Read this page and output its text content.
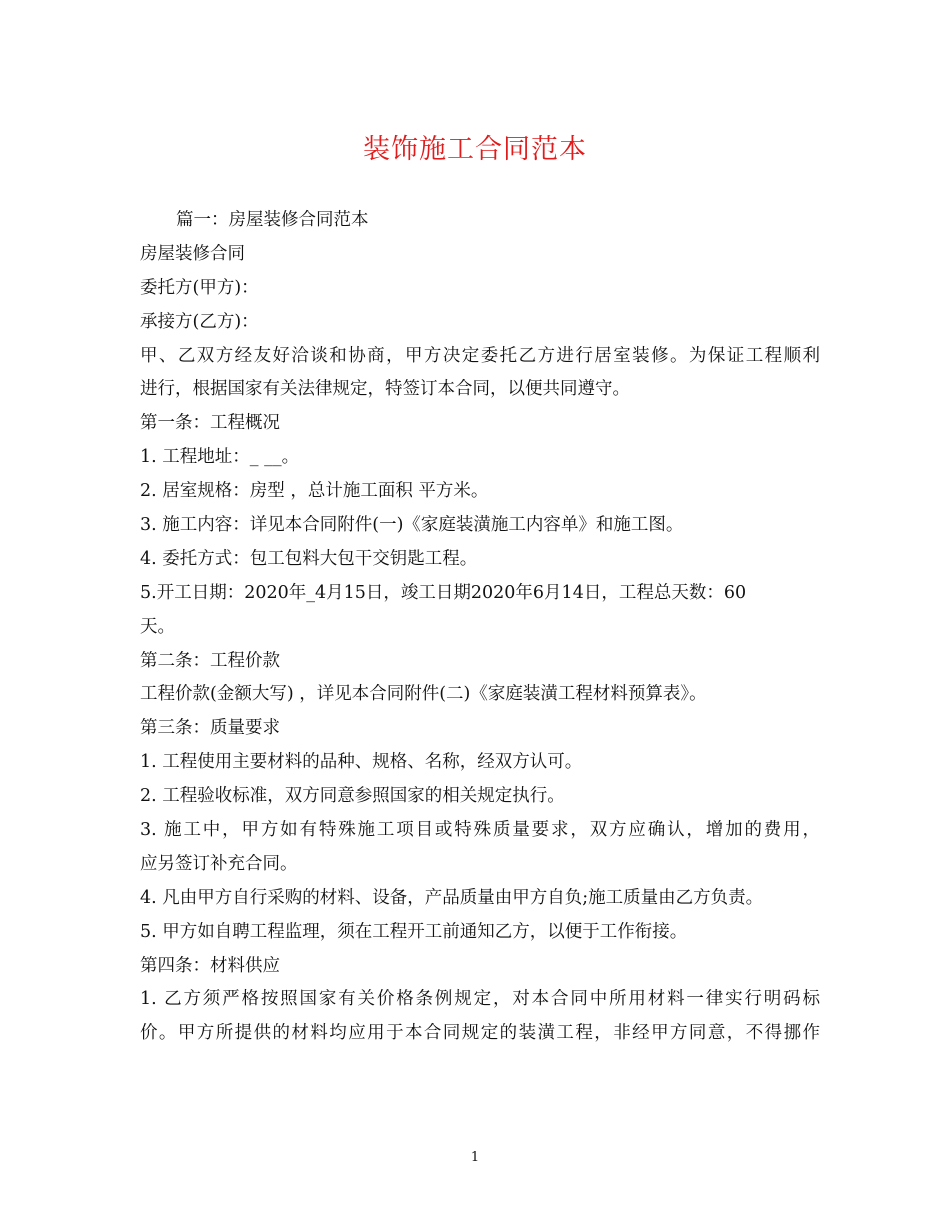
装饰施工合同范本
篇一：房屋装修合同范本
房屋装修合同
委托方(甲方)：
承接方(乙方)：
甲、乙双方经友好洽谈和协商，甲方决定委托乙方进行居室装修。为保证工程顺利
进行，根据国家有关法律规定，特签订本合同，以便共同遵守。
第一条：工程概况
1. 工程地址：_ __。
2. 居室规格：房型 ，总计施工面积 平方米。
3. 施工内容：详见本合同附件(一)《家庭装潢施工内容单》和施工图。
4. 委托方式：包工包料大包干交钥匙工程。
5.开工日期：2020年_4月15日，竣工日期2020年6月14日，工程总天数：60
天。
第二条：工程价款
工程价款(金额大写) ，详见本合同附件(二)《家庭装潢工程材料预算表》。
第三条：质量要求
1. 工程使用主要材料的品种、规格、名称，经双方认可。
2. 工程验收标准，双方同意参照国家的相关规定执行。
3. 施工中，甲方如有特殊施工项目或特殊质量要求，双方应确认，增加的费用，
应另签订补充合同。
4. 凡由甲方自行采购的材料、设备，产品质量由甲方自负;施工质量由乙方负责。
5. 甲方如自聘工程监理，须在工程开工前通知乙方，以便于工作衔接。
第四条：材料供应
1. 乙方须严格按照国家有关价格条例规定，对本合同中所用材料一律实行明码标
价。甲方所提供的材料均应用于本合同规定的装潢工程，非经甲方同意，不得挪作
1
